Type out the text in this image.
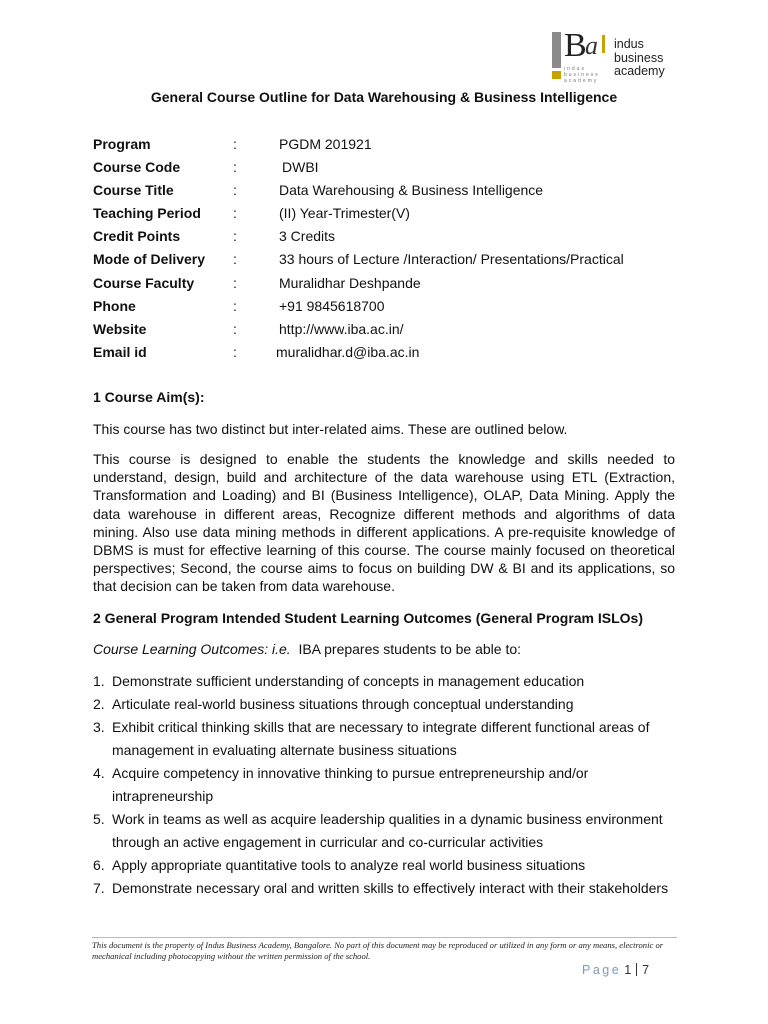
B a
indus business academy
indus
business
academy
General Course Outline for Data Warehousing & Business Intelligence
Program	:	PGDM 201921
Course Code	:	DWBI
Course Title	:	Data Warehousing & Business Intelligence
Teaching Period :	(II) Year-Trimester(V)
Credit Points	:	3 Credits
Mode of Delivery :	33 hours of Lecture /Interaction/ Presentations/Practical
Course Faculty	:	Muralidhar Deshpande
Phone	:	+91 9845618700
Website	:	http://www.iba.ac.in/
Email id	:	muralidhar.d@iba.ac.in
1 Course Aim(s):
This course has two distinct but inter-related aims. These are outlined below.
This course is designed to enable the students the knowledge and skills needed to understand, design, build and architecture of the data warehouse using ETL (Extraction, Transformation and Loading) and BI (Business Intelligence), OLAP, Data Mining. Apply the data warehouse in different areas, Recognize different methods and algorithms of data mining. Also use data mining methods in different applications. A pre-requisite knowledge of DBMS is must for effective learning of this course. The course mainly focused on theoretical perspectives; Second, the course aims to focus on building DW & BI and its applications, so that decision can be taken from data warehouse.
2 General Program Intended Student Learning Outcomes (General Program ISLOs)
Course Learning Outcomes: i.e. IBA prepares students to be able to:
1. Demonstrate sufficient understanding of concepts in management education
2. Articulate real-world business situations through conceptual understanding
3. Exhibit critical thinking skills that are necessary to integrate different functional areas of management in evaluating alternate business situations
4. Acquire competency in innovative thinking to pursue entrepreneurship and/or intrapreneurship
5. Work in teams as well as acquire leadership qualities in a dynamic business environment through an active engagement in curricular and co-curricular activities
6. Apply appropriate quantitative tools to analyze real world business situations
7. Demonstrate necessary oral and written skills to effectively interact with their stakeholders
This document is the property of Indus Business Academy, Bangalore. No part of this document may be reproduced or utilized in any form or any means, electronic or mechanical including photocopying without the written permission of the school.
Page 1 7
